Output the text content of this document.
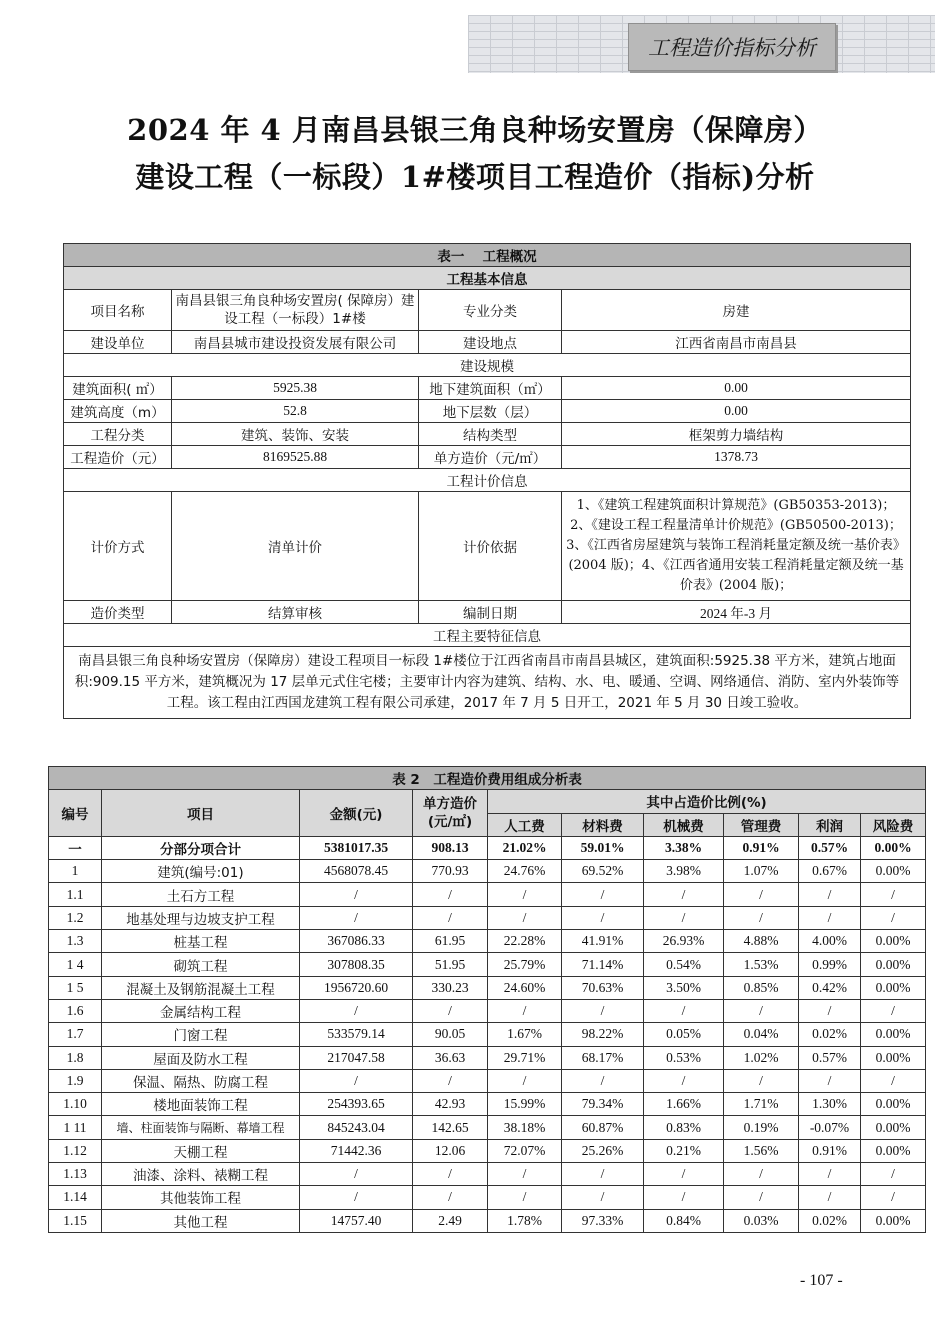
工程造价指标分析
2024 年 4 月南昌县银三角良种场安置房（保障房）
建设工程（一标段）1#楼项目工程造价（指标)分析
表一　 工程概况			
工程基本信息			
项目名称	南昌县银三角良种场安置房( 保障房）建设工程（一标段）1#楼	专业分类	房建
建设单位	南昌县城市建设投资发展有限公司	建设地点	江西省南昌市南昌县
建设规模			
建筑面积( ㎡）	5925.38	地下建筑面积（㎡）	0.00
建筑高度（m）	52.8	地下层数（层）	0.00
工程分类	建筑、装饰、安装	结构类型	框架剪力墙结构
工程造价（元）	8169525.88	单方造价（元/㎡）	1378.73
工程计价信息			
计价方式	清单计价	计价依据	1、《建筑工程建筑面积计算规范》(GB50353-2013)；
2、《建设工程工程量清单计价规范》(GB50500-2013)；
3、《江西省房屋建筑与装饰工程消耗量定额及统一基价表》(2004 版)；4、《江西省通用安装工程消耗量定额及统一基价表》(2004 版)；

造价类型	结算审核	编制日期	2024 年-3 月
工程主要特征信息			
南昌县银三角良种场安置房（保障房）建设工程项目一标段 1#楼位于江西省南昌市南昌县城区，建筑面积:5925.38 平方米，建筑占地面积:909.15 平方米，建筑概况为 17 层单元式住宅楼；主要审计内容为建筑、结构、水、电、暖通、空调、网络通信、消防、室内外装饰等工程。该工程由江西国龙建筑工程有限公司承建，2017 年 7 月 5 日开工，2021 年 5 月 30 日竣工验收。			
表 2　工程造价费用组成分析表									
编号	项目	金额(元)	单方造价(元/㎡)	其中占造价比例(%)					
				人工费	材料费	机械费	管理费	利润	风险费
一	分部分项合计	5381017.35	908.13	21.02%	59.01%	3.38%	0.91%	0.57%	0.00%
1	建筑(编号:01)	4568078.45	770.93	24.76%	69.52%	3.98%	1.07%	0.67%	0.00%
1.1	土石方工程	/	/	/	/	/	/	/	/
1.2	地基处理与边坡支护工程	/	/	/	/	/	/	/	/
1.3	桩基工程	367086.33	61.95	22.28%	41.91%	26.93%	4.88%	4.00%	0.00%
1 4	砌筑工程	307808.35	51.95	25.79%	71.14%	0.54%	1.53%	0.99%	0.00%
1 5	混凝土及钢筋混凝土工程	1956720.60	330.23	24.60%	70.63%	3.50%	0.85%	0.42%	0.00%
1.6	金属结构工程	/	/	/	/	/	/	/	/
1.7	门窗工程	533579.14	90.05	1.67%	98.22%	0.05%	0.04%	0.02%	0.00%
1.8	屋面及防水工程	217047.58	36.63	29.71%	68.17%	0.53%	1.02%	0.57%	0.00%
1.9	保温、隔热、防腐工程	/	/	/	/	/	/	/	/
1.10	楼地面装饰工程	254393.65	42.93	15.99%	79.34%	1.66%	1.71%	1.30%	0.00%
1 11	墙、柱面装饰与隔断、幕墙工程	845243.04	142.65	38.18%	60.87%	0.83%	0.19%	-0.07%	0.00%
1.12	天棚工程	71442.36	12.06	72.07%	25.26%	0.21%	1.56%	0.91%	0.00%
1.13	油漆、涂料、裱糊工程	/	/	/	/	/	/	/	/
1.14	其他装饰工程	/	/	/	/	/	/	/	/
1.15	其他工程	14757.40	2.49	1.78%	97.33%	0.84%	0.03%	0.02%	0.00%
- 107 -
